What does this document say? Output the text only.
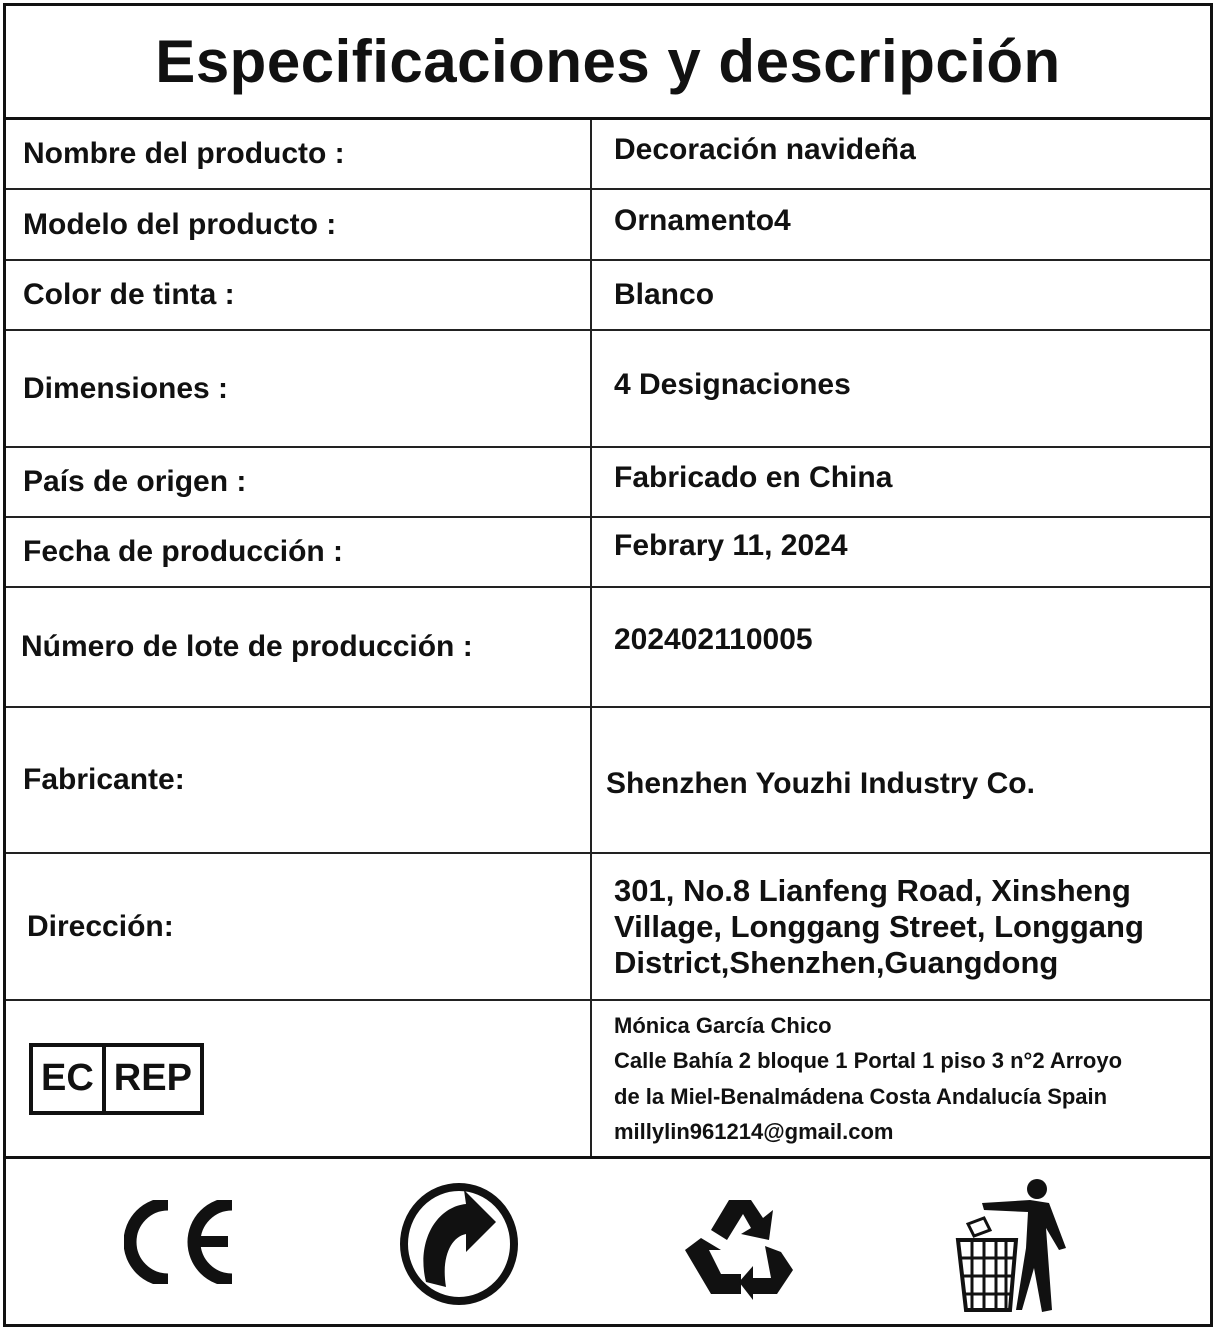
Especificaciones y descripción
Nombre del producto :	Decoración navideña
Modelo del producto :	Ornamento4
Color de tinta :	Blanco
Dimensiones :	4 Designaciones
País de origen :	Fabricado en China
Fecha de producción :	Febrary 11, 2024
Número de lote de producción :	202402110005
Fabricante:	Shenzhen Youzhi Industry Co.
Dirección:
301, No.8 Lianfeng Road, Xinsheng
Village, Longgang Street, Longgang
District,Shenzhen,Guangdong
EC REP
Mónica García Chico
Calle Bahía 2 bloque 1 Portal 1 piso 3 n°2 Arroyo
de la Miel-Benalmádena Costa Andalucía Spain
millylin961214@gmail.com
